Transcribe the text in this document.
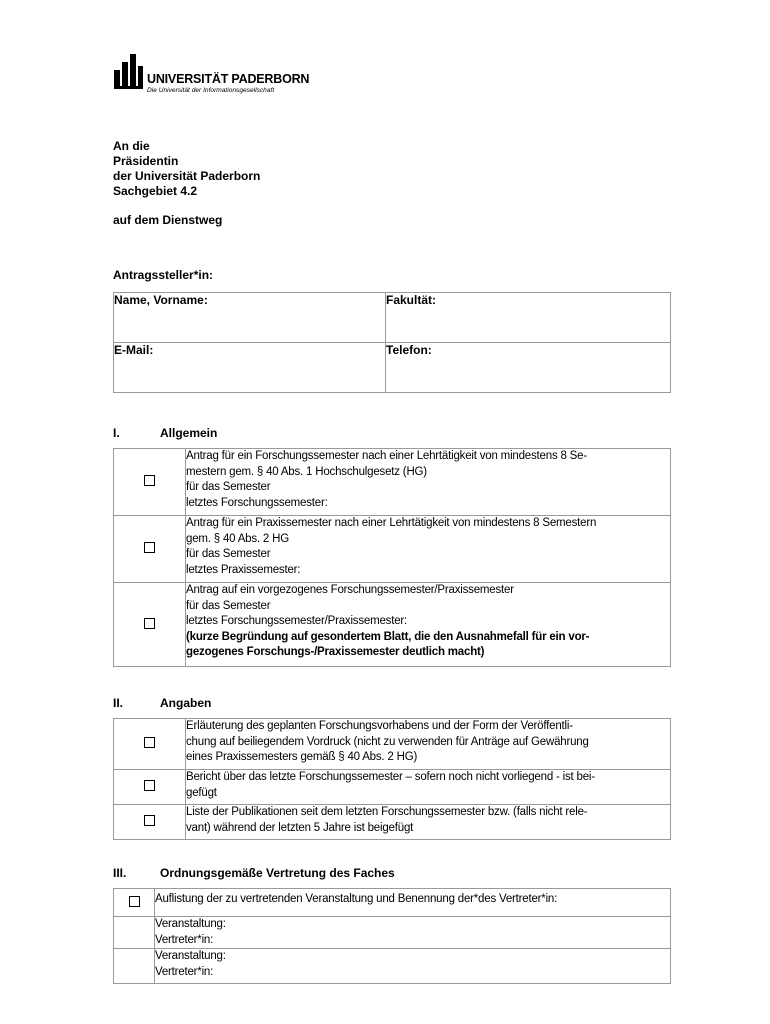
UNIVERSITÄT PADERBORN
Die Universität der Informationsgesellschaft
An die
Präsidentin
der Universität Paderborn
Sachgebiet 4.2
auf dem Dienstweg
Antragssteller*in:
Name, Vorname:	Fakultät:
E-Mail:	Telefon:
I.	Allgemein

	Antrag für ein Forschungssemester nach einer Lehrtätigkeit von mindestens 8 Se-
mestern gem. § 40 Abs. 1 Hochschulgesetz (HG)
für das Semester
letztes Forschungssemester:

	Antrag für ein Praxissemester nach einer Lehrtätigkeit von mindestens 8 Semestern
gem. § 40 Abs. 2 HG
für das Semester
letztes Praxissemester:

	Antrag auf ein vorgezogenes Forschungssemester/Praxissemester
für das Semester
letztes Forschungssemester/Praxissemester:
(kurze Begründung auf gesondertem Blatt, die den Ausnahmefall für ein vor-
gezogenes Forschungs-/Praxissemester deutlich macht)
II.	Angaben

	Erläuterung des geplanten Forschungsvorhabens und der Form der Veröffentli-
chung auf beiliegendem Vordruck (nicht zu verwenden für Anträge auf Gewährung
eines Praxissemesters gemäß § 40 Abs. 2 HG)

	Bericht über das letzte Forschungssemester – sofern noch nicht vorliegend - ist bei-
gefügt

	Liste der Publikationen seit dem letzten Forschungssemester bzw. (falls nicht rele-
vant) während der letzten 5 Jahre ist beigefügt
III.	Ordnungsgemäße Vertretung des Faches
	Auflistung der zu vertretenden Veranstaltung und Benennung der*des Vertreter*in:

	Veranstaltung:
Vertreter*in:

	Veranstaltung:
Vertreter*in:
